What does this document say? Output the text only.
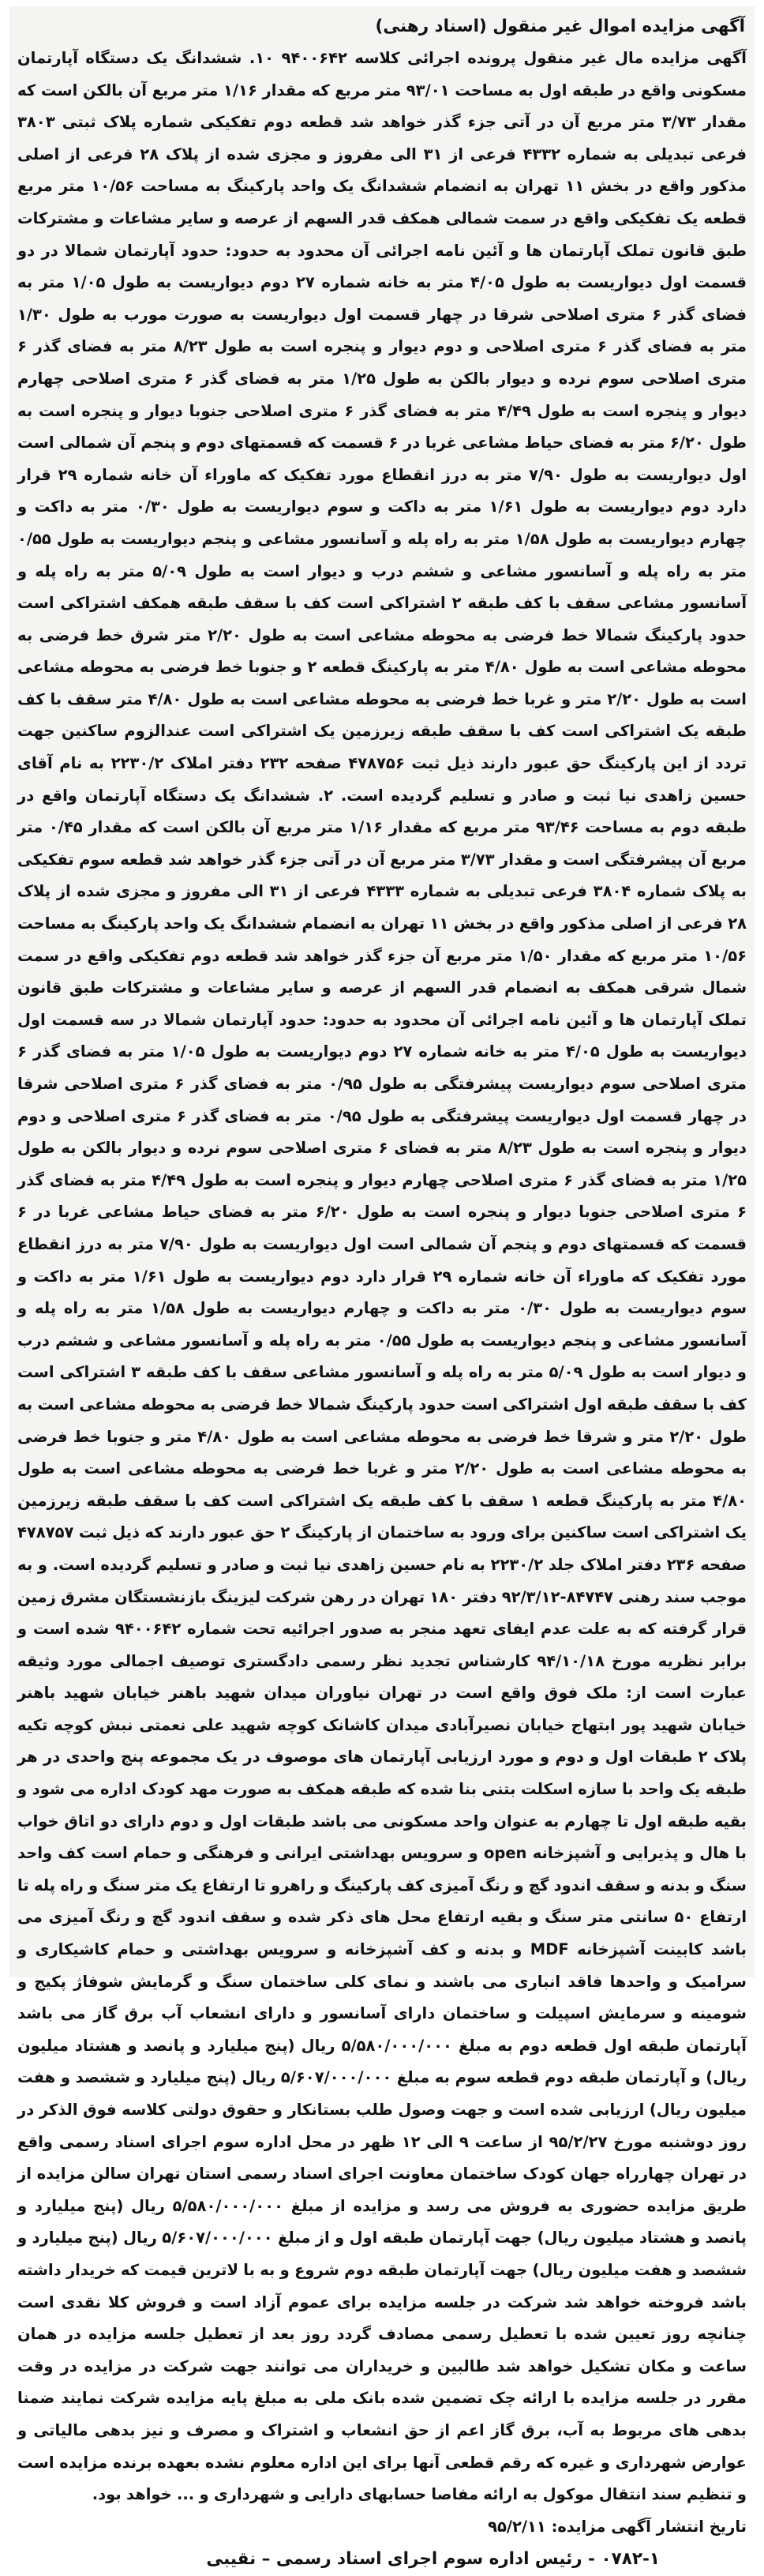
آگهی مزایده اموال غیر منقول (اسناد رهنی)

آگهی مزایده مال غیر منقول پرونده اجرائی کلاسه ۹۴۰۰۶۴۲ ۱۰. ششدانگ یک دستگاه آپارتمان مسکونی واقع در طبقه اول به مساحت ۹۳/۰۱ متر مربع که مقدار ۱/۱۶ متر مربع آن بالکن است که مقدار ۳/۷۳ متر مربع آن در آتی جزء گذر خواهد شد قطعه دوم تفکیکی شماره پلاک ثبتی ۳۸۰۳ فرعی تبدیلی به شماره ۴۳۳۲ فرعی از ۳۱ الی مفروز و مجزی شده از پلاک ۲۸ فرعی از اصلی مذکور واقع در بخش ۱۱ تهران به انضمام ششدانگ یک واحد پارکینگ به مساحت ۱۰/۵۶ متر مربع قطعه یک تفکیکی واقع در سمت شمالی همکف قدر السهم از عرصه و سایر مشاعات و مشترکات طبق قانون تملک آپارتمان ها و آئین نامه اجرائی آن محدود به حدود: حدود آپارتمان شمالا در دو قسمت اول دیواریست به طول ۴/۰۵ متر به خانه شماره ۲۷ دوم دیواریست به طول ۱/۰۵ متر به فضای گذر ۶ متری اصلاحی شرقا در چهار قسمت اول دیواریست به صورت مورب به طول ۱/۳۰ متر به فضای گذر ۶ متری اصلاحی و دوم دیوار و پنجره است به طول ۸/۲۳ متر به فضای گذر ۶ متری اصلاحی سوم نرده و دیوار بالکن به طول ۱/۲۵ متر به فضای گذر ۶ متری اصلاحی چهارم دیوار و پنجره است به طول ۴/۴۹ متر به فضای گذر ۶ متری اصلاحی جنوبا دیوار و پنجره است به طول ۶/۲۰ متر به فضای حیاط مشاعی غربا در ۶ قسمت که قسمتهای دوم و پنجم آن شمالی است اول دیواریست به طول ۷/۹۰ متر به درز انقطاع مورد تفکیک که ماوراء آن خانه شماره ۲۹ قرار دارد دوم دیواریست به طول ۱/۶۱ متر به داکت و سوم دیواریست به طول ۰/۳۰ متر به داکت و چهارم دیواریست به طول ۱/۵۸ متر به راه پله و آسانسور مشاعی و پنجم دیواریست به طول ۰/۵۵ متر به راه پله و آسانسور مشاعی و ششم درب و دیوار است به طول ۵/۰۹ متر به راه پله و آسانسور مشاعی سقف با کف طبقه ۲ اشتراکی است کف با سقف طبقه همکف اشتراکی است حدود پارکینگ شمالا خط فرضی به محوطه مشاعی است به طول ۲/۲۰ متر شرق خط فرضی به محوطه مشاعی است به طول ۴/۸۰ متر به پارکینگ قطعه ۲ و جنوبا خط فرضی به محوطه مشاعی است به طول ۲/۲۰ متر و غربا خط فرضی به محوطه مشاعی است به طول ۴/۸۰ متر سقف با کف طبقه یک اشتراکی است کف با سقف طبقه زیرزمین یک اشتراکی است عندالزوم ساکنین جهت تردد از این پارکینگ حق عبور دارند ذیل ثبت ۴۷۸۷۵۶ صفحه ۲۳۲ دفتر املاک ۲۲۳۰/۲ به نام آقای حسین زاهدی نیا ثبت و صادر و تسلیم گردیده است. ۲. ششدانگ یک دستگاه آپارتمان واقع در طبقه دوم به مساحت ۹۳/۴۶ متر مربع که مقدار ۱/۱۶ متر مربع آن بالکن است که مقدار ۰/۴۵ متر مربع آن پیشرفتگی است و مقدار ۳/۷۳ متر مربع آن در آتی جزء گذر خواهد شد قطعه سوم تفکیکی به پلاک شماره ۳۸۰۴ فرعی تبدیلی به شماره ۴۳۳۳ فرعی از ۳۱ الی مفروز و مجزی شده از پلاک ۲۸ فرعی از اصلی مذکور واقع در بخش ۱۱ تهران به انضمام ششدانگ یک واحد پارکینگ به مساحت ۱۰/۵۶ متر مربع که مقدار ۱/۵۰ متر مربع آن جزء گذر خواهد شد قطعه دوم تفکیکی واقع در سمت شمال شرقی همکف به انضمام قدر السهم از عرصه و سایر مشاعات و مشترکات طبق قانون تملک آپارتمان ها و آئین نامه اجرائی آن محدود به حدود: حدود آپارتمان شمالا در سه قسمت اول دیواریست به طول ۴/۰۵ متر به خانه شماره ۲۷ دوم دیواریست به طول ۱/۰۵ متر به فضای گذر ۶ متری اصلاحی سوم دیواریست پیشرفتگی به طول ۰/۹۵ متر به فضای گذر ۶ متری اصلاحی شرقا در چهار قسمت اول دیواریست پیشرفتگی به طول ۰/۹۵ متر به فضای گذر ۶ متری اصلاحی و دوم دیوار و پنجره است به طول ۸/۲۳ متر به فضای ۶ متری اصلاحی سوم نرده و دیوار بالکن به طول ۱/۲۵ متر به فضای گذر ۶ متری اصلاحی چهارم دیوار و پنجره است به طول ۴/۴۹ متر به فضای گذر ۶ متری اصلاحی جنوبا دیوار و پنجره است به طول ۶/۲۰ متر به فضای حیاط مشاعی غربا در ۶ قسمت که قسمتهای دوم و پنجم آن شمالی است اول دیواریست به طول ۷/۹۰ متر به درز انقطاع مورد تفکیک که ماوراء آن خانه شماره ۲۹ قرار دارد دوم دیواریست به طول ۱/۶۱ متر به داکت و سوم دیواریست به طول ۰/۳۰ متر به داکت و چهارم دیواریست به طول ۱/۵۸ متر به راه پله و آسانسور مشاعی و پنجم دیواریست به طول ۰/۵۵ متر به راه پله و آسانسور مشاعی و ششم درب و دیوار است به طول ۵/۰۹ متر به راه پله و آسانسور مشاعی سقف با کف طبقه ۳ اشتراکی است کف با سقف طبقه اول اشتراکی است حدود پارکینگ شمالا خط فرضی به محوطه مشاعی است به طول ۲/۲۰ متر و شرقا خط فرضی به محوطه مشاعی است به طول ۴/۸۰ متر و جنوبا خط فرضی به محوطه مشاعی است به طول ۲/۲۰ متر و غربا خط فرضی به محوطه مشاعی است به طول ۴/۸۰ متر به پارکینگ قطعه ۱ سقف با کف طبقه یک اشتراکی است کف با سقف طبقه زیرزمین یک اشتراکی است ساکنین برای ورود به ساختمان از پارکینگ ۲ حق عبور دارند که ذیل ثبت ۴۷۸۷۵۷ صفحه ۲۳۶ دفتر املاک جلد ۲۲۳۰/۲ به نام حسین زاهدی نیا ثبت و صادر و تسلیم گردیده است. و به موجب سند رهنی ۸۴۷۴۷-۹۲/۳/۱۲ دفتر ۱۸۰ تهران در رهن شرکت لیزینگ بازنشستگان مشرق زمین قرار گرفته که به علت عدم ایفای تعهد منجر به صدور اجرائیه تحت شماره ۹۴۰۰۶۴۲ شده است و برابر نظریه مورخ ۹۴/۱۰/۱۸ کارشناس تجدید نظر رسمی دادگستری توصیف اجمالی مورد وثیقه عبارت است از: ملک فوق واقع است در تهران نیاوران میدان شهید باهنر خیابان شهید باهنر خیابان شهید پور ابتهاج خیابان نصیرآبادی میدان کاشانک کوچه شهید علی نعمتی نبش کوچه تکیه پلاک ۲ طبقات اول و دوم و مورد ارزیابی آپارتمان های موصوف در یک مجموعه پنج واحدی در هر طبقه یک واحد با سازه اسکلت بتنی بنا شده که طبقه همکف به صورت مهد کودک اداره می شود و بقیه طبقه اول تا چهارم به عنوان واحد مسکونی می باشد طبقات اول و دوم دارای دو اتاق خواب با هال و پذیرایی و آشپزخانه open و سرویس بهداشتی ایرانی و فرهنگی و حمام است کف واحد سنگ و بدنه و سقف اندود گچ و رنگ آمیزی کف پارکینگ و راهرو تا ارتفاع یک متر سنگ و راه پله تا ارتفاع ۵۰ سانتی متر سنگ و بقیه ارتفاع محل های ذکر شده و سقف اندود گچ و رنگ آمیزی می باشد کابینت آشپزخانه MDF و بدنه و کف آشپزخانه و سرویس بهداشتی و حمام کاشیکاری و سرامیک و واحدها فاقد انباری می باشند و نمای کلی ساختمان سنگ و گرمایش شوفاژ پکیج و شومینه و سرمایش اسپیلت و ساختمان دارای آسانسور و دارای انشعاب آب برق گاز می باشد آپارتمان طبقه اول قطعه دوم به مبلغ ۵/۵۸۰/۰۰۰/۰۰۰ ریال (پنج میلیارد و پانصد و هشتاد میلیون ریال) و آپارتمان طبقه دوم قطعه سوم به مبلغ ۵/۶۰۷/۰۰۰/۰۰۰ ریال (پنج میلیارد و ششصد و هفت میلیون ریال) ارزیابی شده است و جهت وصول طلب بستانکار و حقوق دولتی کلاسه فوق الذکر در روز دوشنبه مورخ ۹۵/۲/۲۷ از ساعت ۹ الی ۱۲ ظهر در محل اداره سوم اجرای اسناد رسمی واقع در تهران چهارراه جهان کودک ساختمان معاونت اجرای اسناد رسمی استان تهران سالن مزایده از طریق مزایده حضوری به فروش می رسد و مزایده از مبلغ ۵/۵۸۰/۰۰۰/۰۰۰ ریال (پنج میلیارد و پانصد و هشتاد میلیون ریال) جهت آپارتمان طبقه اول و از مبلغ ۵/۶۰۷/۰۰۰/۰۰۰ ریال (پنج میلیارد و ششصد و هفت میلیون ریال) جهت آپارتمان طبقه دوم شروع و به با لاترین قیمت که خریدار داشته باشد فروخته خواهد شد شرکت در جلسه مزایده برای عموم آزاد است و فروش کلا نقدی است چنانچه روز تعیین شده با تعطیل رسمی مصادف گردد روز بعد از تعطیل جلسه مزایده در همان ساعت و مکان تشکیل خواهد شد طالبین و خریداران می توانند جهت شرکت در مزایده در وقت مقرر در جلسه مزایده با ارائه چک تضمین شده بانک ملی به مبلغ پایه مزایده شرکت نمایند ضمنا بدهی های مربوط به آب، برق گاز اعم از حق انشعاب و اشتراک و مصرف و نیز بدهی مالیاتی و عوارض شهرداری و غیره که رقم قطعی آنها برای این اداره معلوم نشده بعهده برنده مزایده است و تنظیم سند انتقال موکول به ارائه مفاصا حسابهای دارایی و شهرداری و ... خواهد بود.

تاریخ انتشار آگهی مزایده: ۹۵/۲/۱۱

۰۷۸۲-۱ - رئیس اداره سوم اجرای اسناد رسمی – نقیبی
